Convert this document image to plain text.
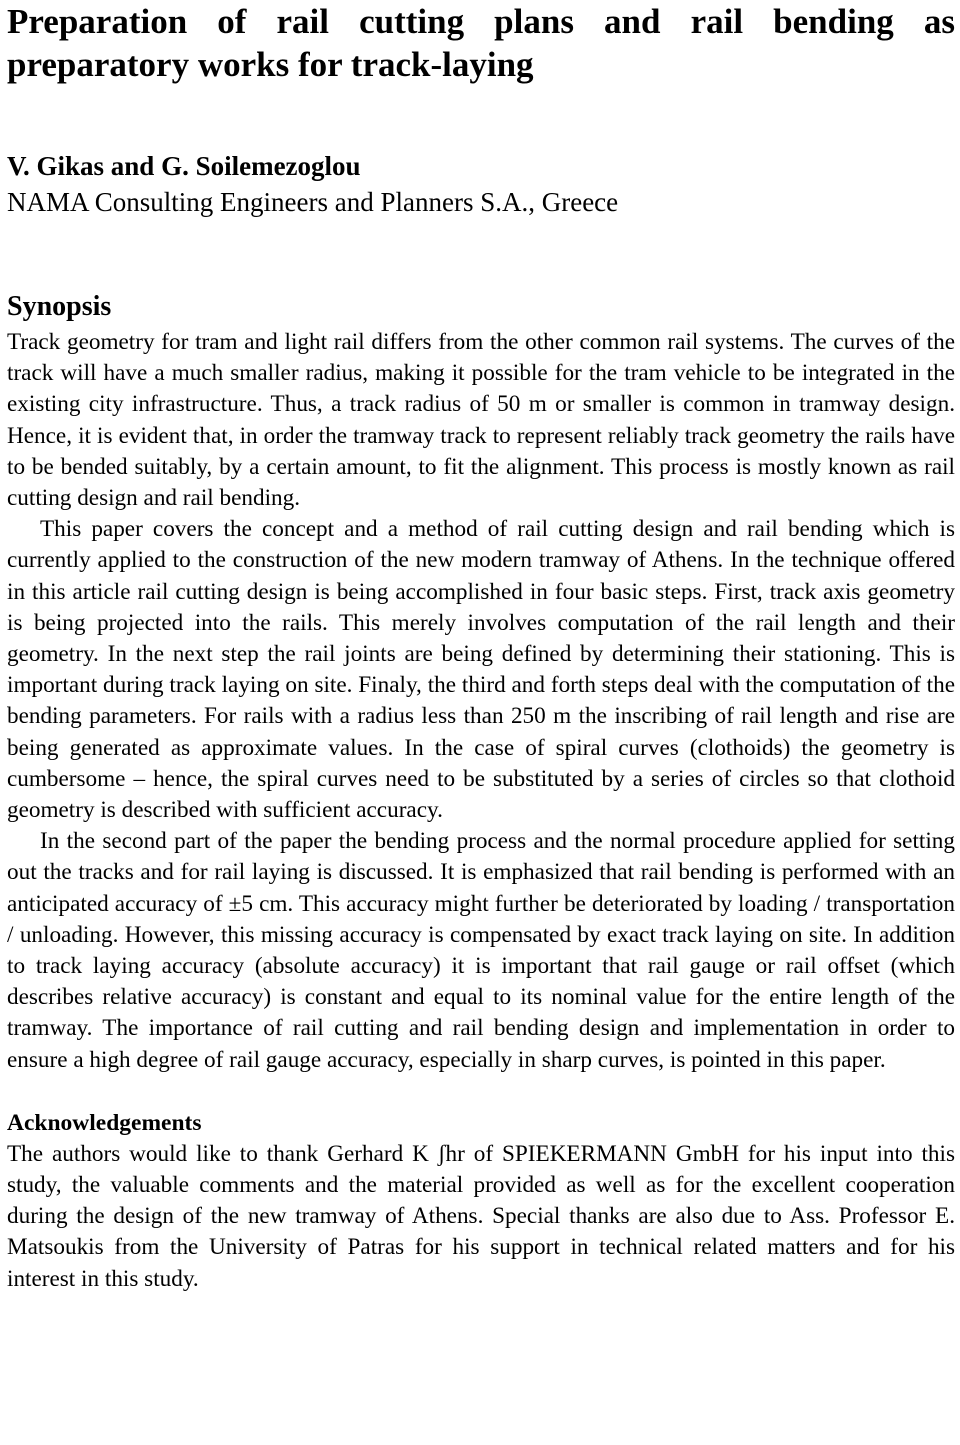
Preparation of rail cutting plans and rail bending as preparatory works for track-laying

V. Gikas and G. Soilemezoglou

NAMA Consulting Engineers and Planners S.A., Greece

Synopsis

Track geometry for tram and light rail differs from the other common rail systems. The curves of the track will have a much smaller radius, making it possible for the tram vehicle to be integrated in the existing city infrastructure. Thus, a track radius of 50 m or smaller is common in tramway design. Hence, it is evident that, in order the tramway track to represent reliably track geometry the rails have to be bended suitably, by a certain amount, to fit the alignment. This process is mostly known as rail cutting design and rail bending.

This paper covers the concept and a method of rail cutting design and rail bending which is currently applied to the construction of the new modern tramway of Athens. In the technique offered in this article rail cutting design is being accomplished in four basic steps. First, track axis geometry is being projected into the rails. This merely involves computation of the rail length and their geometry. In the next step the rail joints are being defined by determining their stationing. This is important during track laying on site. Finaly, the third and forth steps deal with the computation of the bending parameters. For rails with a radius less than 250 m the inscribing of rail length and rise are being generated as approximate values. In the case of spiral curves (clothoids) the geometry is cumbersome – hence, the spiral curves need to be substituted by a series of circles so that clothoid geometry is described with sufficient accuracy.

In the second part of the paper the bending process and the normal procedure applied for setting out the tracks and for rail laying is discussed. It is emphasized that rail bending is performed with an anticipated accuracy of ±5 cm. This accuracy might further be deteriorated by loading / transportation / unloading. However, this missing accuracy is compensated by exact track laying on site. In addition to track laying accuracy (absolute accuracy) it is important that rail gauge or rail offset (which describes relative accuracy) is constant and equal to its nominal value for the entire length of the tramway. The importance of rail cutting and rail bending design and implementation in order to ensure a high degree of rail gauge accuracy, especially in sharp curves, is pointed in this paper.

Acknowledgements

The authors would like to thank Gerhard K ʃhr of SPIEKERMANN GmbH for his input into this study, the valuable comments and the material provided as well as for the excellent cooperation during the design of the new tramway of Athens. Special thanks are also due to Ass. Professor E. Matsoukis from the University of Patras for his support in technical related matters and for his interest in this study.
